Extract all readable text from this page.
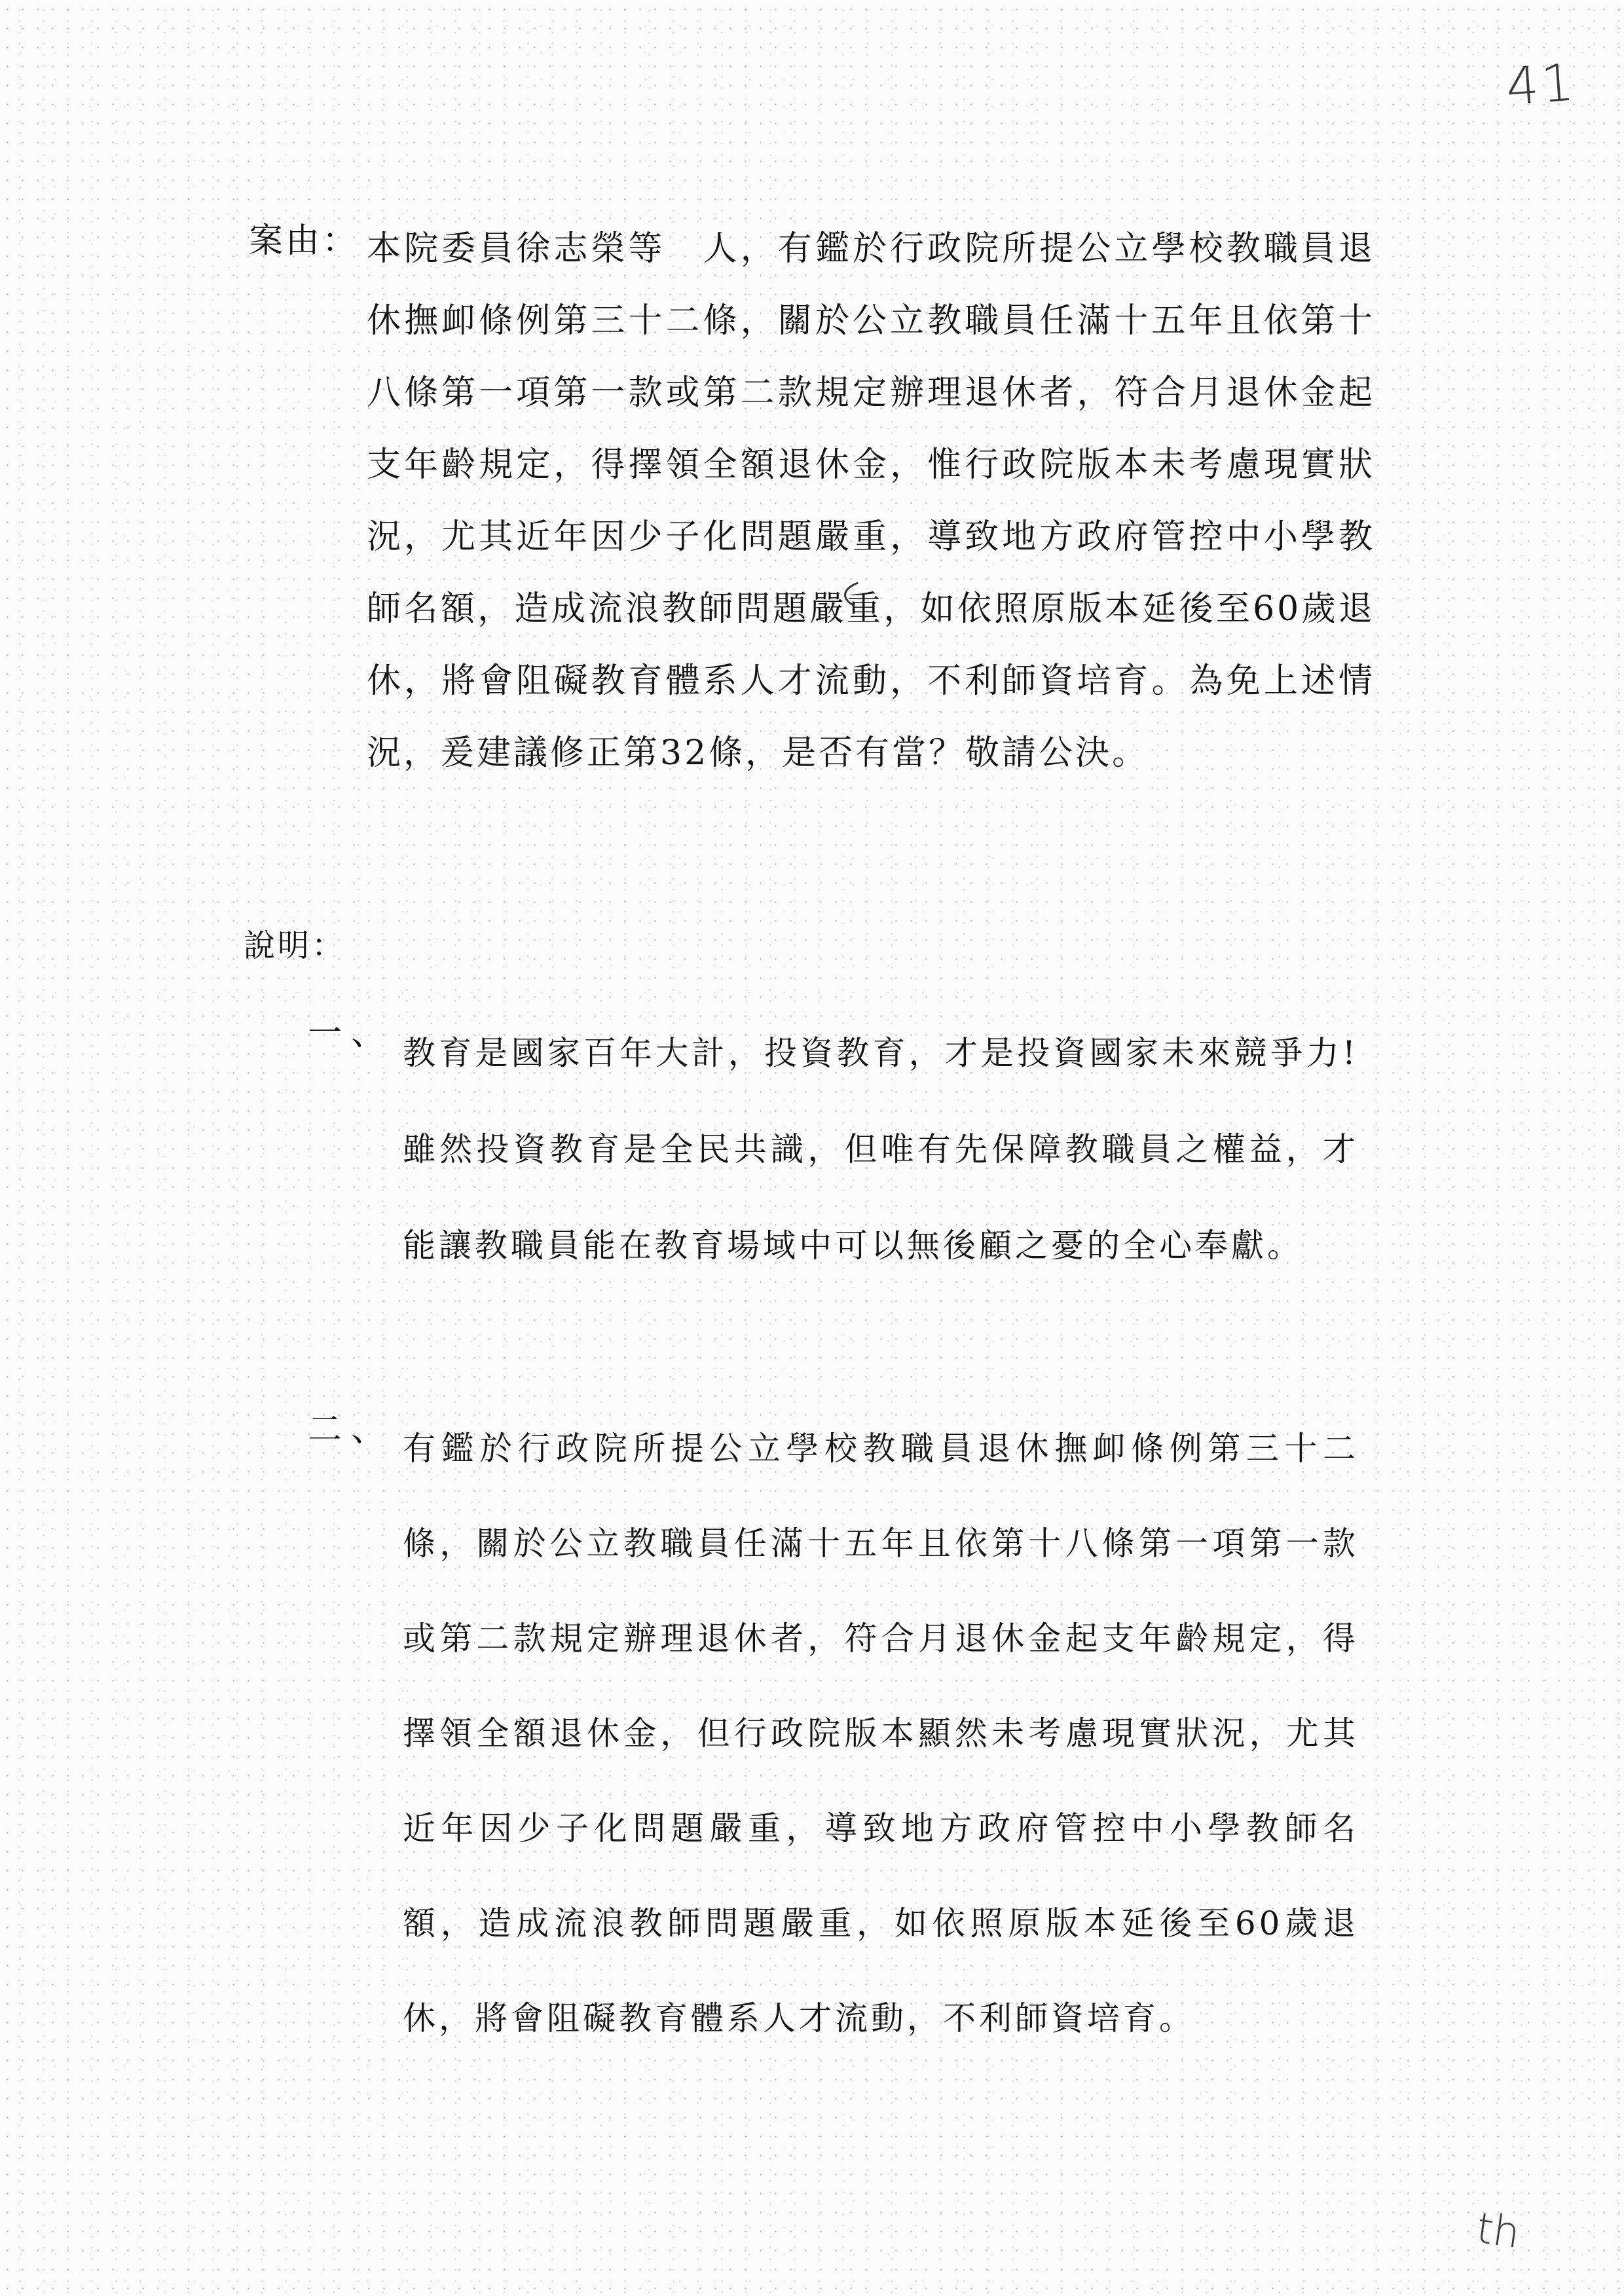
41
案由： 本院委員徐志榮等　人，有鑑於行政院所提公立學校教職員退休撫卹條例第三十二條，關於公立教職員任滿十五年且依第十八條第一項第一款或第二款規定辦理退休者，符合月退休金起支年齡規定，得擇領全額退休金，惟行政院版本未考慮現實狀況，尤其近年因少子化問題嚴重，導致地方政府管控中小學教師名額，造成流浪教師問題嚴重，如依照原版本延後至60歲退休，將會阻礙教育體系人才流動，不利師資培育。為免上述情況，爰建議修正第32條，是否有當？敬請公決。
說明：
一、 教育是國家百年大計，投資教育，才是投資國家未來競爭力!雖然投資教育是全民共識，但唯有先保障教職員之權益，才能讓教職員能在教育場域中可以無後顧之憂的全心奉獻。
二、 有鑑於行政院所提公立學校教職員退休撫卹條例第三十二條，關於公立教職員任滿十五年且依第十八條第一項第一款或第二款規定辦理退休者，符合月退休金起支年齡規定，得擇領全額退休金，但行政院版本顯然未考慮現實狀況，尤其近年因少子化問題嚴重，導致地方政府管控中小學教師名額，造成流浪教師問題嚴重，如依照原版本延後至60歲退休，將會阻礙教育體系人才流動，不利師資培育。
th
